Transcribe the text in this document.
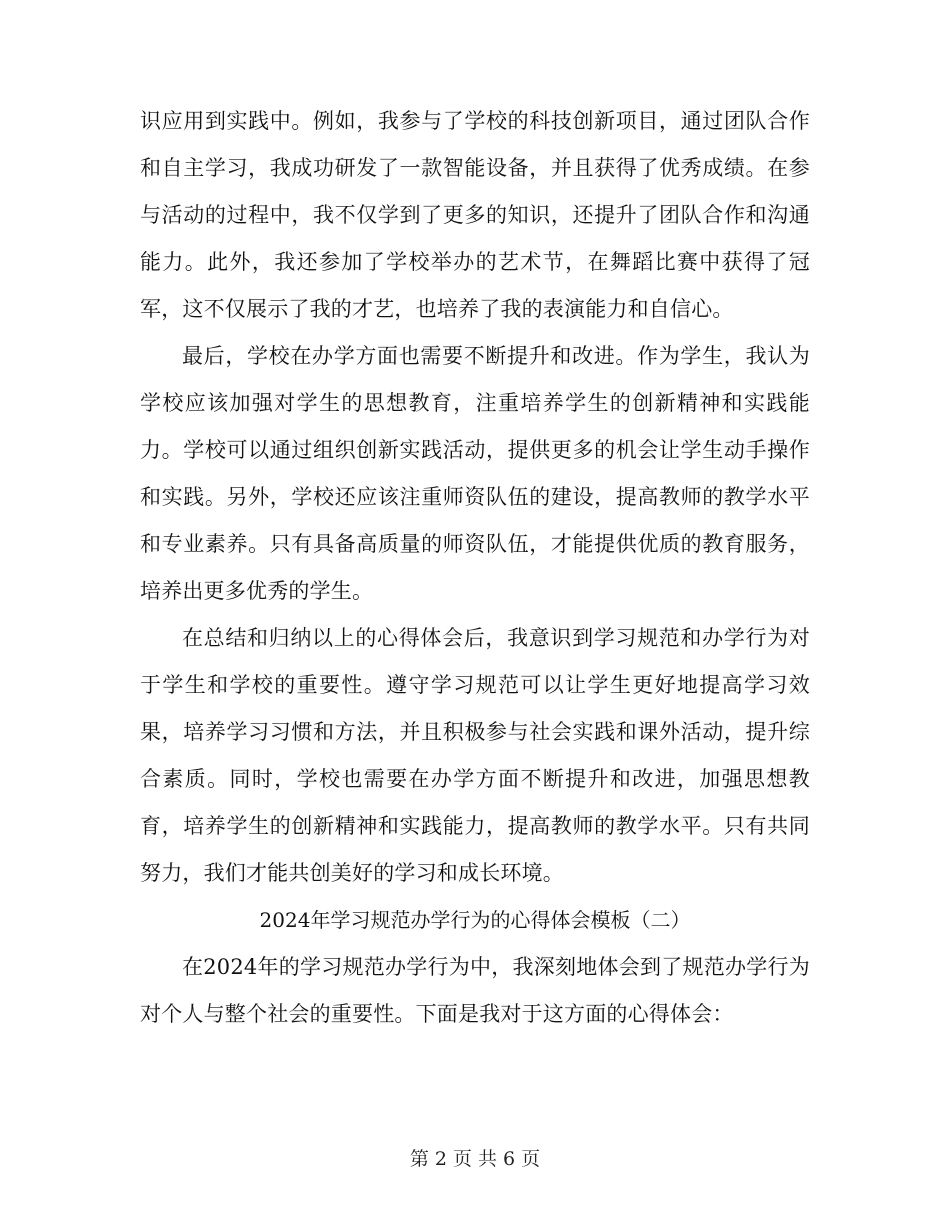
识应用到实践中。例如，我参与了学校的科技创新项目，通过团队合作和自主学习，我成功研发了一款智能设备，并且获得了优秀成绩。在参与活动的过程中，我不仅学到了更多的知识，还提升了团队合作和沟通能力。此外，我还参加了学校举办的艺术节，在舞蹈比赛中获得了冠军，这不仅展示了我的才艺，也培养了我的表演能力和自信心。

最后，学校在办学方面也需要不断提升和改进。作为学生，我认为学校应该加强对学生的思想教育，注重培养学生的创新精神和实践能力。学校可以通过组织创新实践活动，提供更多的机会让学生动手操作和实践。另外，学校还应该注重师资队伍的建设，提高教师的教学水平和专业素养。只有具备高质量的师资队伍，才能提供优质的教育服务，培养出更多优秀的学生。

在总结和归纳以上的心得体会后，我意识到学习规范和办学行为对于学生和学校的重要性。遵守学习规范可以让学生更好地提高学习效果，培养学习习惯和方法，并且积极参与社会实践和课外活动，提升综合素质。同时，学校也需要在办学方面不断提升和改进，加强思想教育，培养学生的创新精神和实践能力，提高教师的教学水平。只有共同努力，我们才能共创美好的学习和成长环境。

2024年学习规范办学行为的心得体会模板（二）

在2024年的学习规范办学行为中，我深刻地体会到了规范办学行为对个人与整个社会的重要性。下面是我对于这方面的心得体会：

第 2 页 共 6 页
